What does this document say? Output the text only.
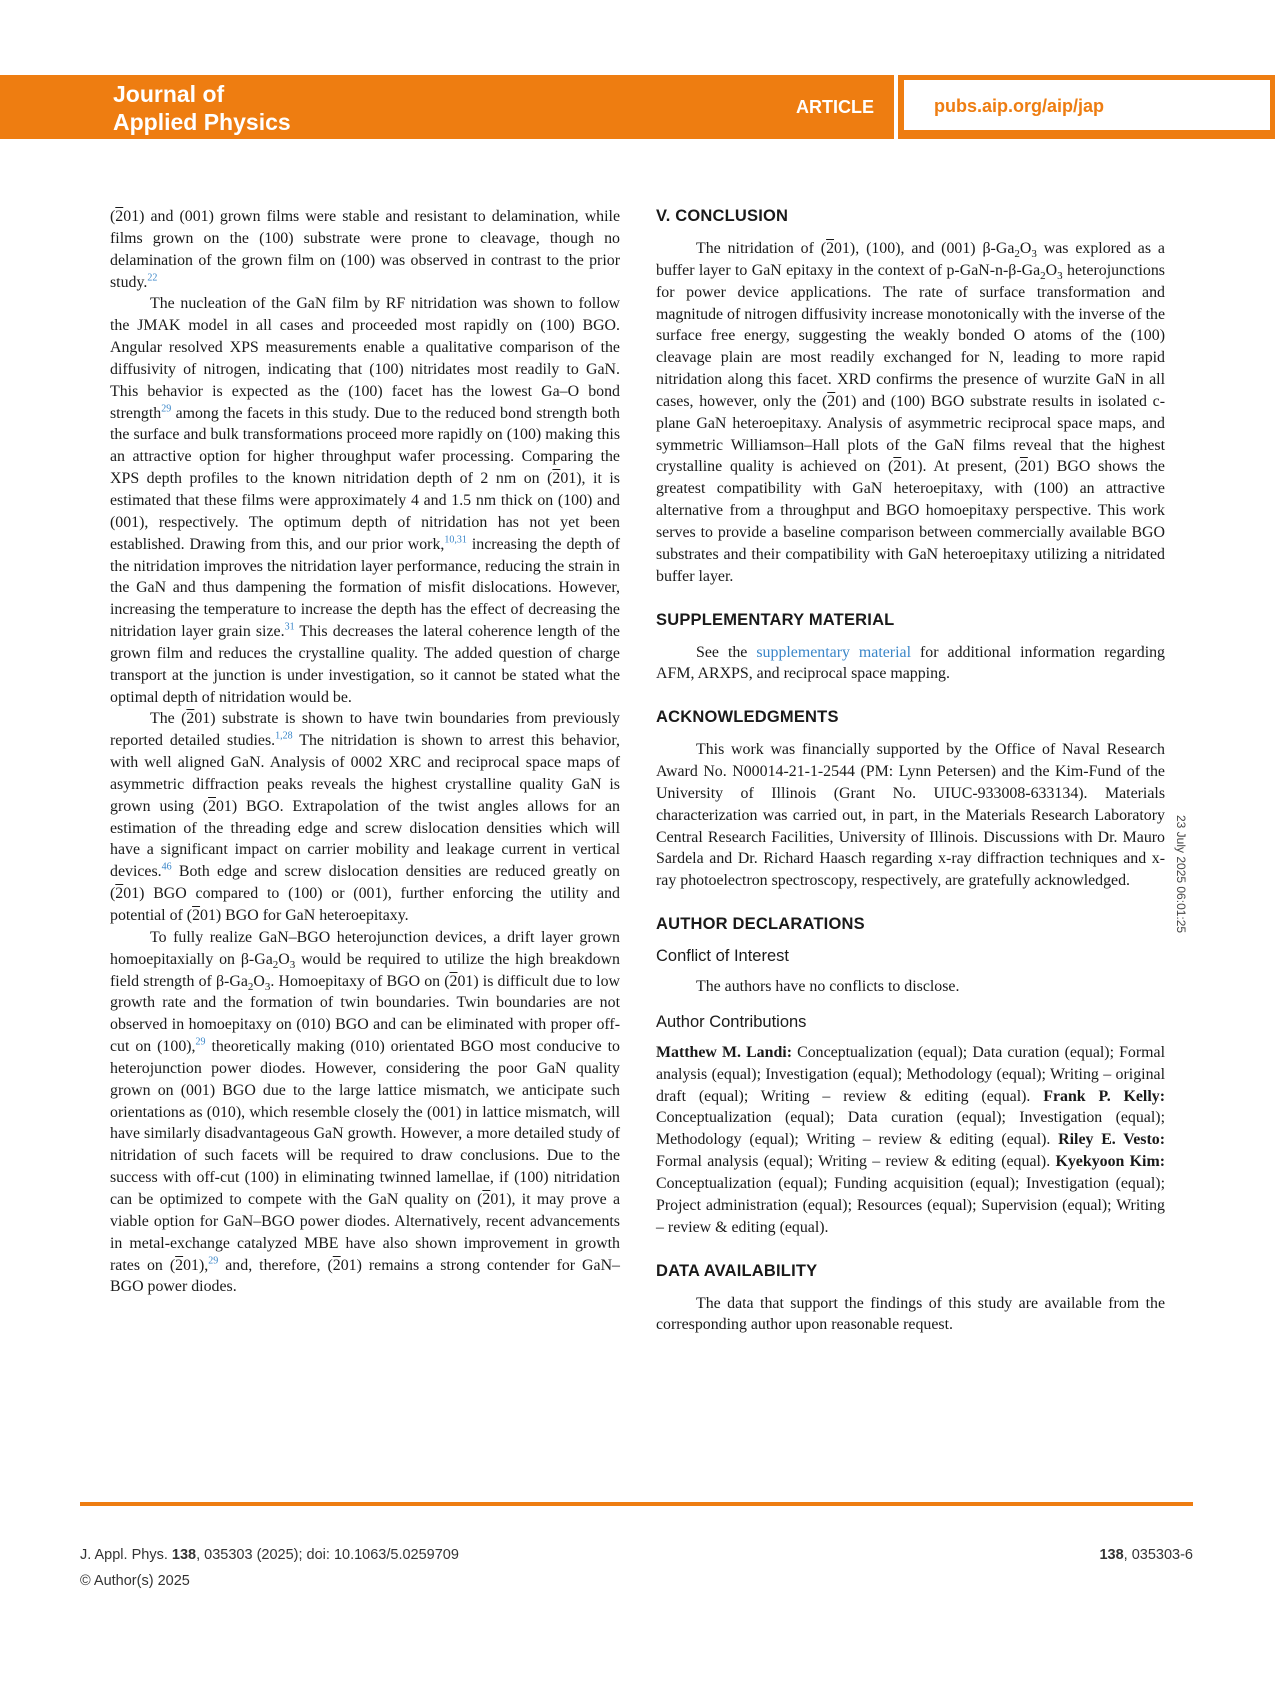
Journal of
Applied Physics
ARTICLE	pubs.aip.org/aip/jap

(201) and (001) grown films were stable and resistant to delamination, while films grown on the (100) substrate were prone to cleavage, though no delamination of the grown film on (100) was observed in contrast to the prior study.$^{22}$

The nucleation of the GaN film by RF nitridation was shown to follow the JMAK model in all cases and proceeded most rapidly on (100) BGO. Angular resolved XPS measurements enable a qualitative comparison of the diffusivity of nitrogen, indicating that (100) nitridates most readily to GaN. This behavior is expected as the (100) facet has the lowest Ga–O bond strength$^{29}$ among the facets in this study. Due to the reduced bond strength both the surface and bulk transformations proceed more rapidly on (100) making this an attractive option for higher throughput wafer processing. Comparing the XPS depth profiles to the known nitridation depth of 2 nm on (201), it is estimated that these films were approximately 4 and 1.5 nm thick on (100) and (001), respectively. The optimum depth of nitridation has not yet been established. Drawing from this, and our prior work,$^{10,31}$ increasing the depth of the nitridation improves the nitridation layer performance, reducing the strain in the GaN and thus dampening the formation of misfit dislocations. However, increasing the temperature to increase the depth has the effect of decreasing the nitridation layer grain size.$^{31}$ This decreases the lateral coherence length of the grown film and reduces the crystalline quality. The added question of charge transport at the junction is under investigation, so it cannot be stated what the optimal depth of nitridation would be.

The (201) substrate is shown to have twin boundaries from previously reported detailed studies.$^{1,28}$ The nitridation is shown to arrest this behavior, with well aligned GaN. Analysis of 0002 XRC and reciprocal space maps of asymmetric diffraction peaks reveals the highest crystalline quality GaN is grown using (201) BGO. Extrapolation of the twist angles allows for an estimation of the threading edge and screw dislocation densities which will have a significant impact on carrier mobility and leakage current in vertical devices.$^{46}$ Both edge and screw dislocation densities are reduced greatly on (201) BGO compared to (100) or (001), further enforcing the utility and potential of (201) BGO for GaN heteroepitaxy.

To fully realize GaN–BGO heterojunction devices, a drift layer grown homoepitaxially on $\beta-Ga_2O_3$ would be required to utilize the high breakdown field strength of $\beta-Ga_2O_3$. Homoepitaxy of BGO on (201) is difficult due to low growth rate and the formation of twin boundaries. Twin boundaries are not observed in homoepitaxy on (010) BGO and can be eliminated with proper off-cut on (100),$^{29}$ theoretically making (010) orientated BGO most conducive to heterojunction power diodes. However, considering the poor GaN quality grown on (001) BGO due to the large lattice mismatch, we anticipate such orientations as (010), which resemble closely the (001) in lattice mismatch, will have similarly disadvantageous GaN growth. However, a more detailed study of nitridation of such facets will be required to draw conclusions. Due to the success with off-cut (100) in eliminating twinned lamellae, if (100) nitridation can be optimized to compete with the GaN quality on (201), it may prove a viable option for GaN–BGO power diodes. Alternatively, recent advancements in metal-exchange catalyzed MBE have also shown improvement in growth rates on (201),$^{29}$ and, therefore, (201) remains a strong contender for GaN–BGO power diodes.

V. CONCLUSION

The nitridation of (201), (100), and (001) $\beta-Ga_2O_3$ was explored as a buffer layer to GaN epitaxy in the context of $p-GaN-n-\beta-Ga_2O_3$ heterojunctions for power device applications. The rate of surface transformation and magnitude of nitrogen diffusivity increase monotonically with the inverse of the surface free energy, suggesting the weakly bonded O atoms of the (100) cleavage plain are most readily exchanged for N, leading to more rapid nitridation along this facet. XRD confirms the presence of wurzite GaN in all cases, however, only the (201) and (100) BGO substrate results in isolated c-plane GaN heteroepitaxy. Analysis of asymmetric reciprocal space maps, and symmetric Williamson–Hall plots of the GaN films reveal that the highest crystalline quality is achieved on (201). At present, (201) BGO shows the greatest compatibility with GaN heteroepitaxy, with (100) an attractive alternative from a throughput and BGO homoepitaxy perspective. This work serves to provide a baseline comparison between commercially available BGO substrates and their compatibility with GaN heteroepitaxy utilizing a nitridated buffer layer.

SUPPLEMENTARY MATERIAL

See the supplementary material for additional information regarding AFM, ARXPS, and reciprocal space mapping.

ACKNOWLEDGMENTS

This work was financially supported by the Office of Naval Research Award No. N00014-21-1-2544 (PM: Lynn Petersen) and the Kim-Fund of the University of Illinois (Grant No. UIUC-933008-633134). Materials characterization was carried out, in part, in the Materials Research Laboratory Central Research Facilities, University of Illinois. Discussions with Dr. Mauro Sardela and Dr. Richard Haasch regarding x-ray diffraction techniques and x-ray photoelectron spectroscopy, respectively, are gratefully acknowledged.

AUTHOR DECLARATIONS
Conflict of Interest

The authors have no conflicts to disclose.

Author Contributions

Matthew M. Landi: Conceptualization (equal); Data curation (equal); Formal analysis (equal); Investigation (equal); Methodology (equal); Writing – original draft (equal); Writing – review & editing (equal). Frank P. Kelly: Conceptualization (equal); Data curation (equal); Investigation (equal); Methodology (equal); Writing – review & editing (equal). Riley E. Vesto: Formal analysis (equal); Writing – review & editing (equal). Kyekyoon Kim: Conceptualization (equal); Funding acquisition (equal); Investigation (equal); Project administration (equal); Resources (equal); Supervision (equal); Writing – review & editing (equal).

DATA AVAILABILITY

The data that support the findings of this study are available from the corresponding author upon reasonable request.

23 July 2025 06:01:25
J. Appl. Phys. 138, 035303 (2025); doi: 10.1063/5.0259709	138, 035303-6
© Author(s) 2025
